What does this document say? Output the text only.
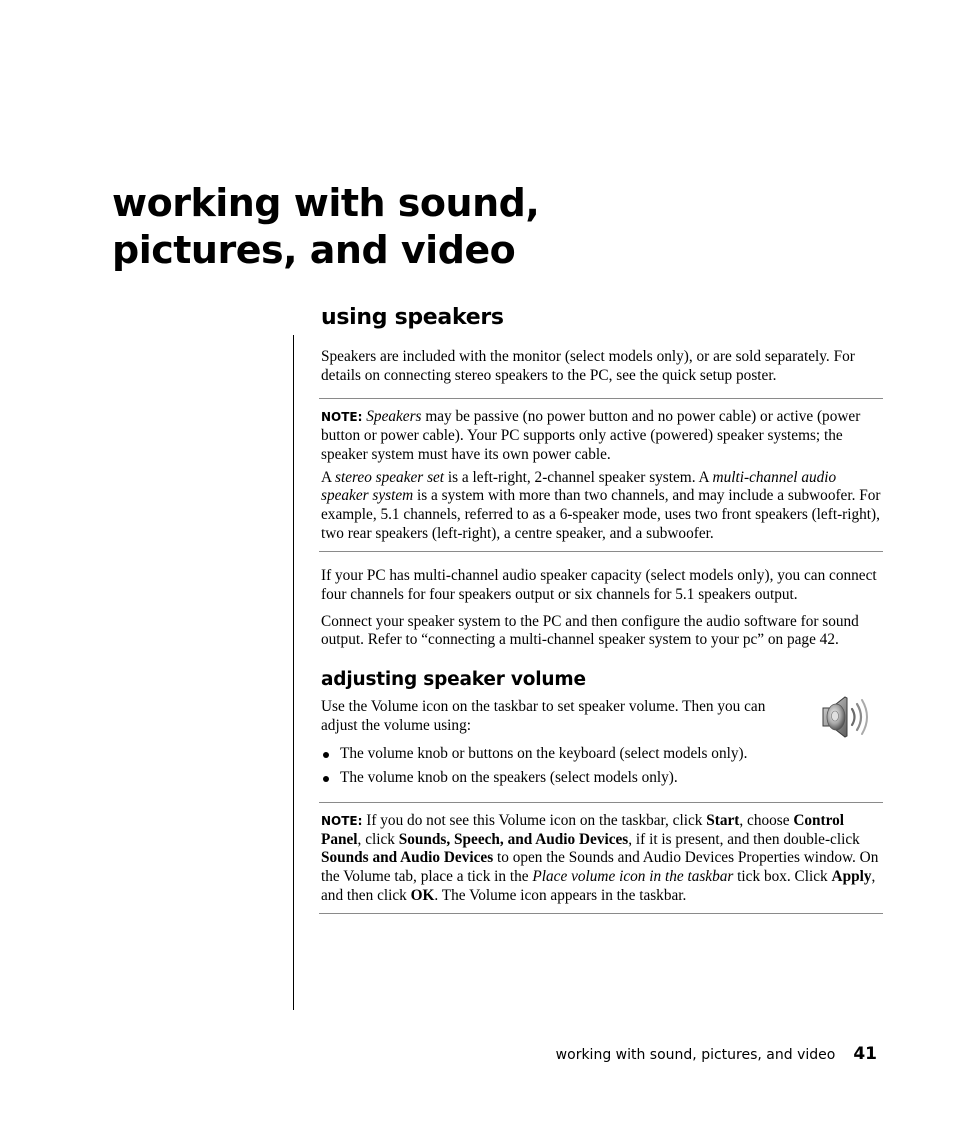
working with sound,
pictures, and video
using speakers

Speakers are included with the monitor (select models only), or are sold separately. For details on connecting stereo speakers to the PC, see the quick setup poster.

NOTE: Speakers may be passive (no power button and no power cable) or active (power button or power cable). Your PC supports only active (powered) speaker systems; the speaker system must have its own power cable.

A stereo speaker set is a left-right, 2-channel speaker system. A multi-channel audio speaker system is a system with more than two channels, and may include a subwoofer. For example, 5.1 channels, referred to as a 6-speaker mode, uses two front speakers (left-right), two rear speakers (left-right), a centre speaker, and a subwoofer.

If your PC has multi-channel audio speaker capacity (select models only), you can connect four channels for four speakers output or six channels for 5.1 speakers output.

Connect your speaker system to the PC and then configure the audio software for sound output. Refer to “connecting a multi-channel speaker system to your pc” on page 42.

adjusting speaker volume

Use the Volume icon on the taskbar to set speaker volume. Then you can adjust the volume using:

The volume knob or buttons on the keyboard (select models only).
The volume knob on the speakers (select models only).

NOTE: If you do not see this Volume icon on the taskbar, click Start, choose Control Panel, click Sounds, Speech, and Audio Devices, if it is present, and then double-click Sounds and Audio Devices to open the Sounds and Audio Devices Properties window. On the Volume tab, place a tick in the Place volume icon in the taskbar tick box. Click Apply, and then click OK. The Volume icon appears in the taskbar.

working with sound, pictures, and video 41
